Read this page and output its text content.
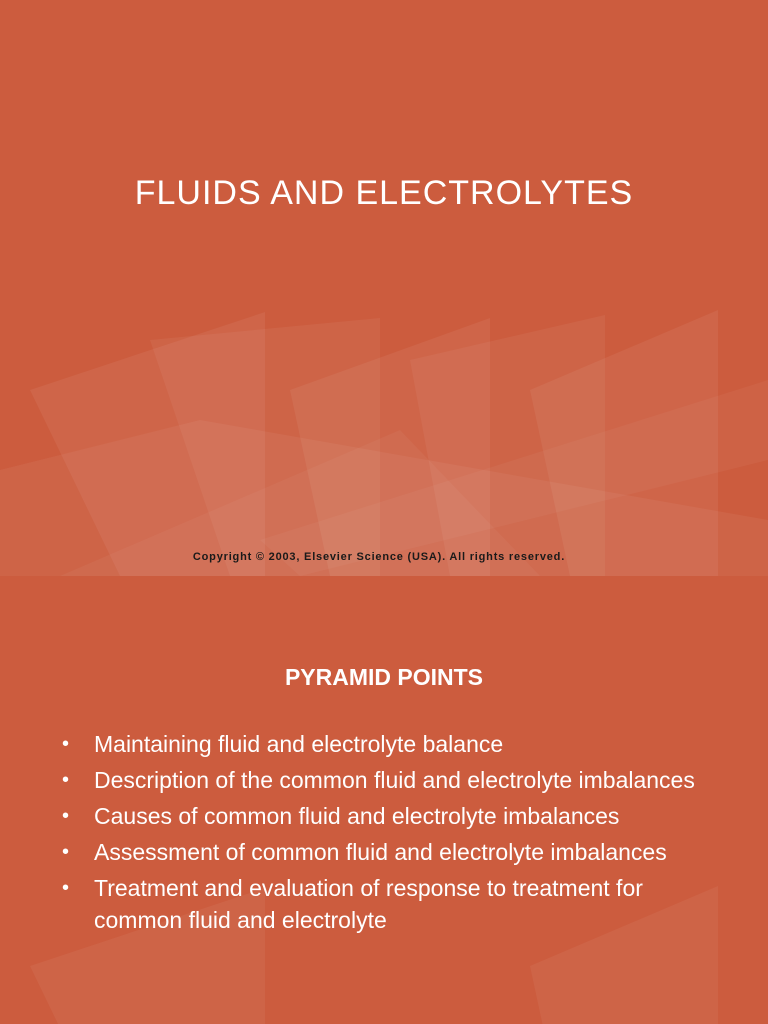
FLUIDS AND ELECTROLYTES
Copyright © 2003, Elsevier Science (USA). All rights reserved.
PYRAMID POINTS
• Maintaining fluid and electrolyte balance
• Description of the common fluid and electrolyte imbalances
• Causes of common fluid and electrolyte imbalances
• Assessment of common fluid and electrolyte imbalances
• Treatment and evaluation of response to treatment for common fluid and electrolyte
